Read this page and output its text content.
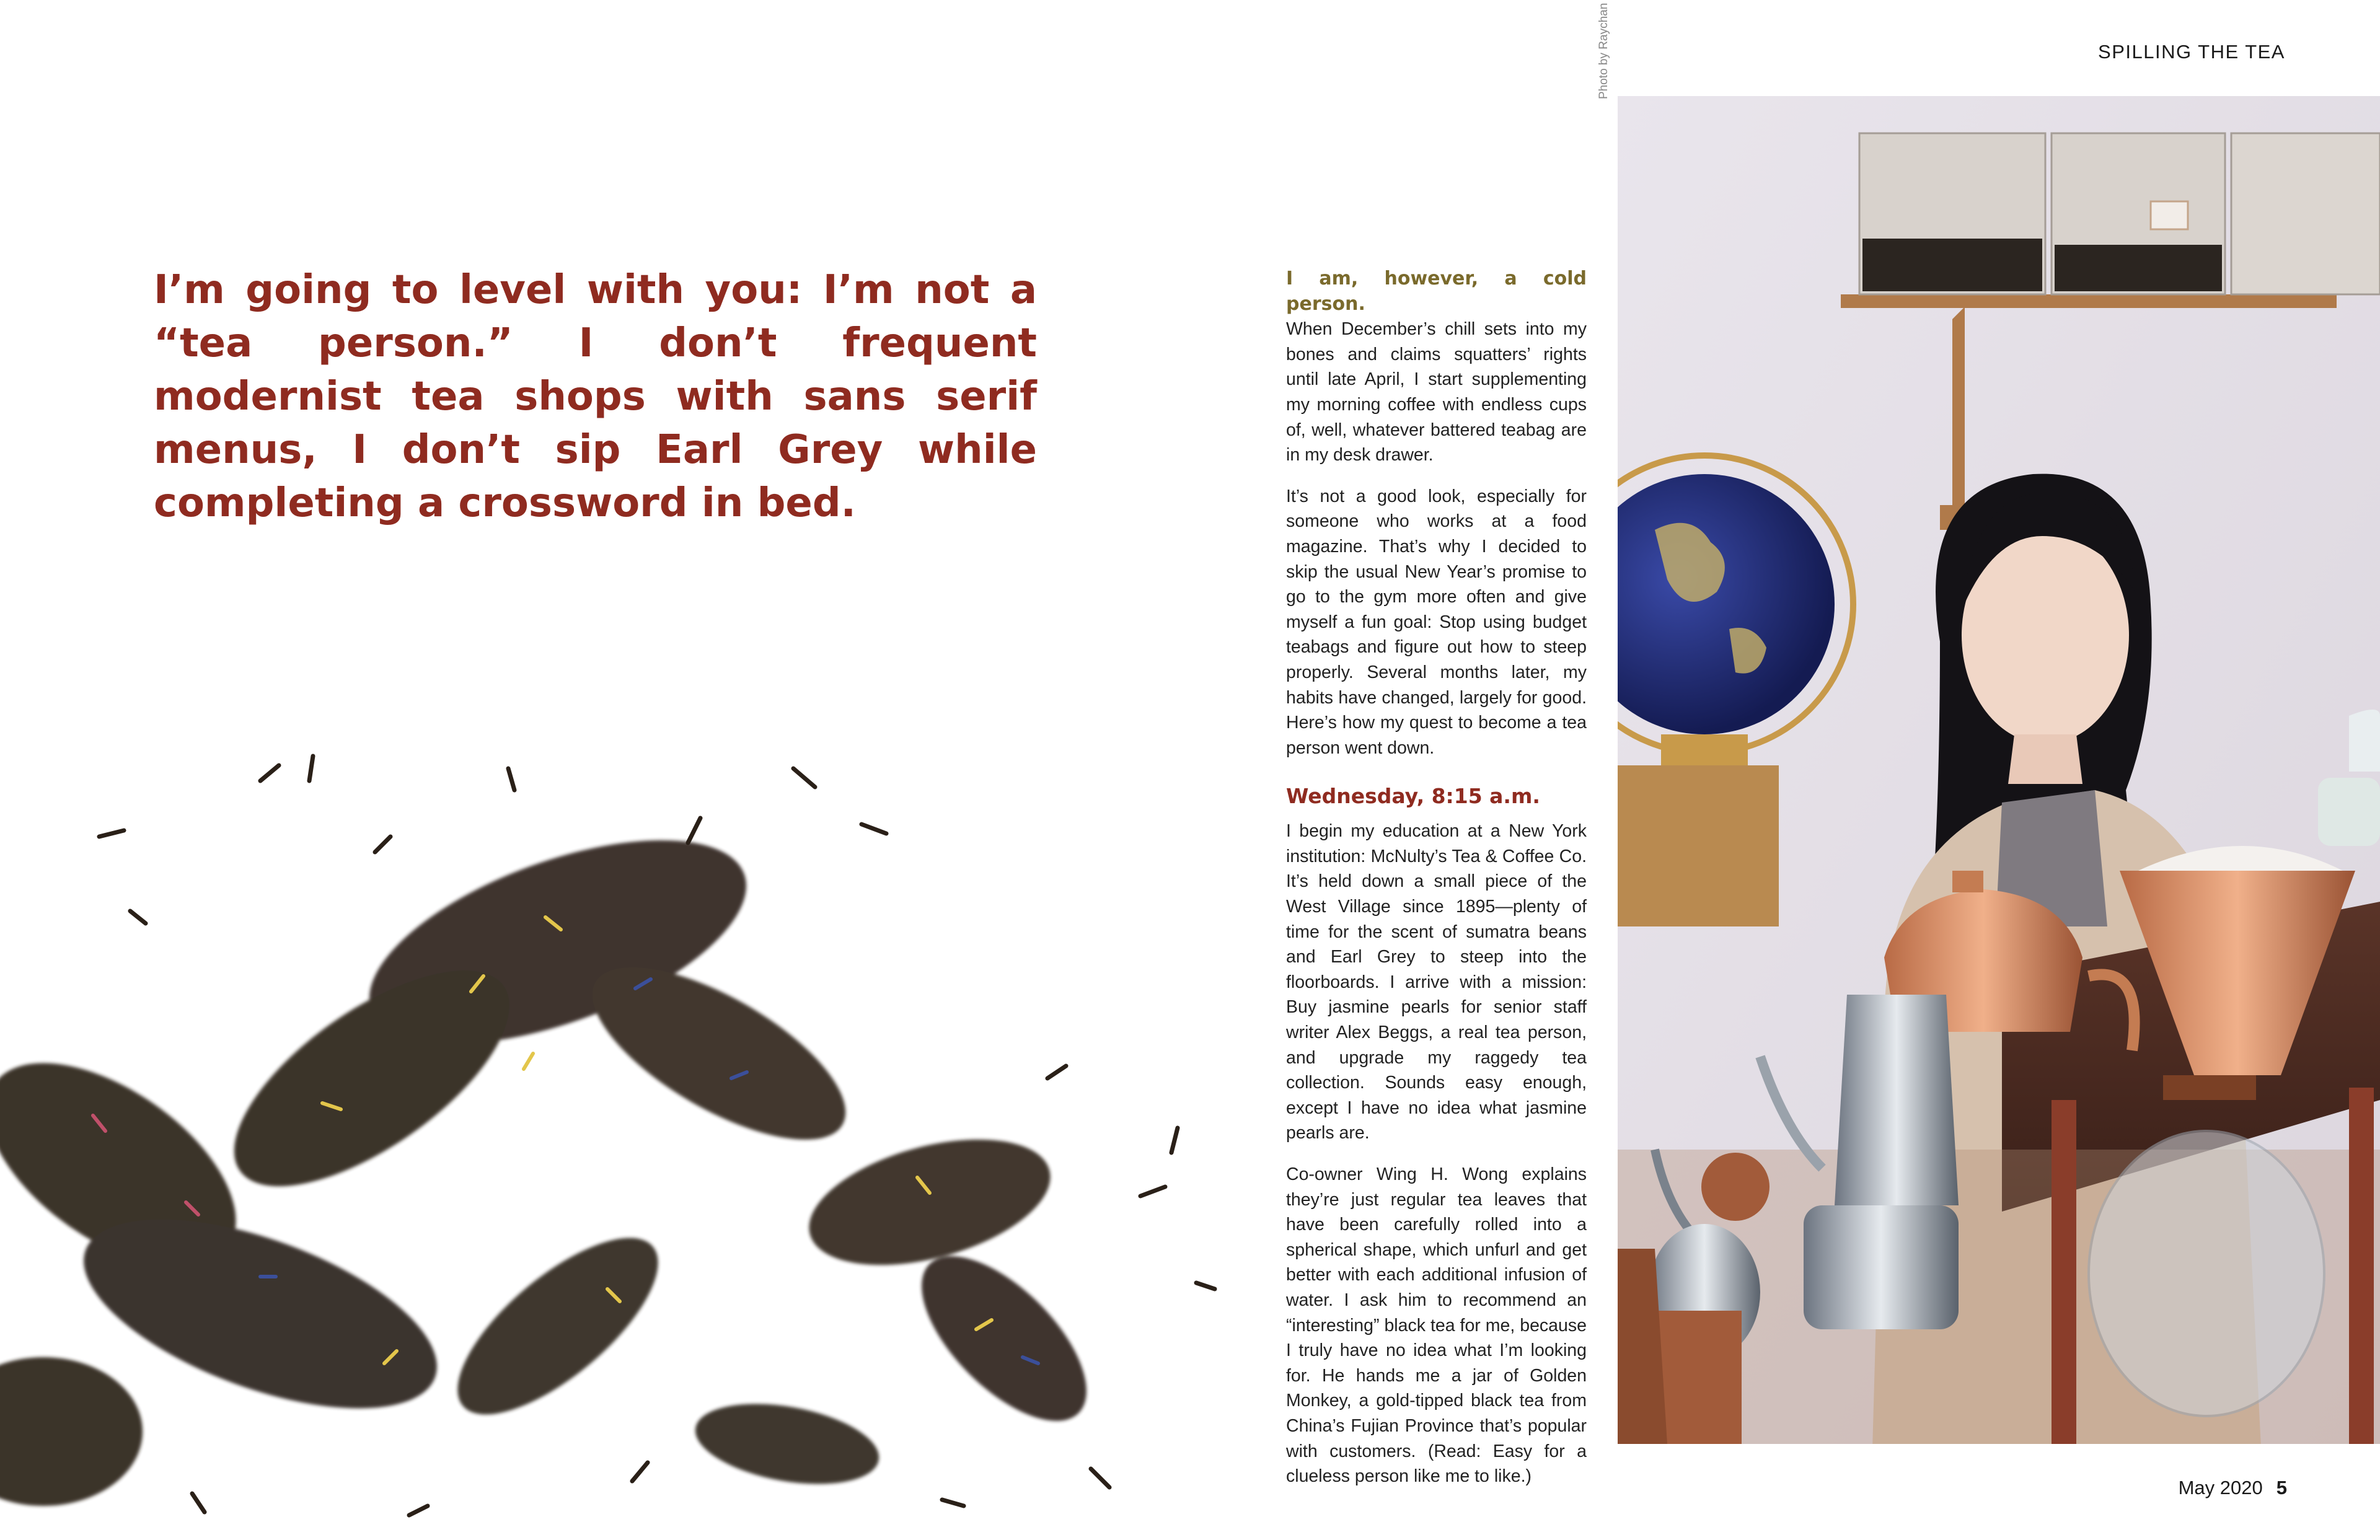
SPILLING THE TEA

I’m going to level with you: I’m not a “tea person.” I don’t frequent modernist tea shops with sans serif menus, I don’t sip Earl Grey while completing a crossword in bed.

I am, however, a cold person.
When December’s chill sets into my bones and claims squatters’ rights until late April, I start supplementing my morning coffee with endless cups of, well, whatever battered teabag are in my desk drawer.

It’s not a good look, especially for someone who works at a food magazine. That’s why I decided to skip the usual New Year’s promise to go to the gym more often and give myself a fun goal: Stop using budget teabags and figure out how to steep properly. Several months later, my habits have changed, largely for good. Here’s how my quest to become a tea person went down.

Wednesday, 8:15 a.m.

I begin my education at a New York institution: McNulty’s Tea & Coffee Co. It’s held down a small piece of the West Village since 1895—plenty of time for the scent of sumatra beans and Earl Grey to steep into the floorboards. I arrive with a mission: Buy jasmine pearls for senior staff writer Alex Beggs, a real tea person, and upgrade my raggedy tea collection. Sounds easy enough, except I have no idea what jasmine pearls are.

Co-owner Wing H. Wong explains they’re just regular tea leaves that have been carefully rolled into a spherical shape, which unfurl and get better with each additional infusion of water. I ask him to recommend an “interesting” black tea for me, because I truly have no idea what I’m looking for. He hands me a jar of Golden Monkey, a gold-tipped black tea from China’s Fujian Province that’s popular with customers. (Read: Easy for a clueless person like me to like.)

Photo by Raychan
May 2020 5
